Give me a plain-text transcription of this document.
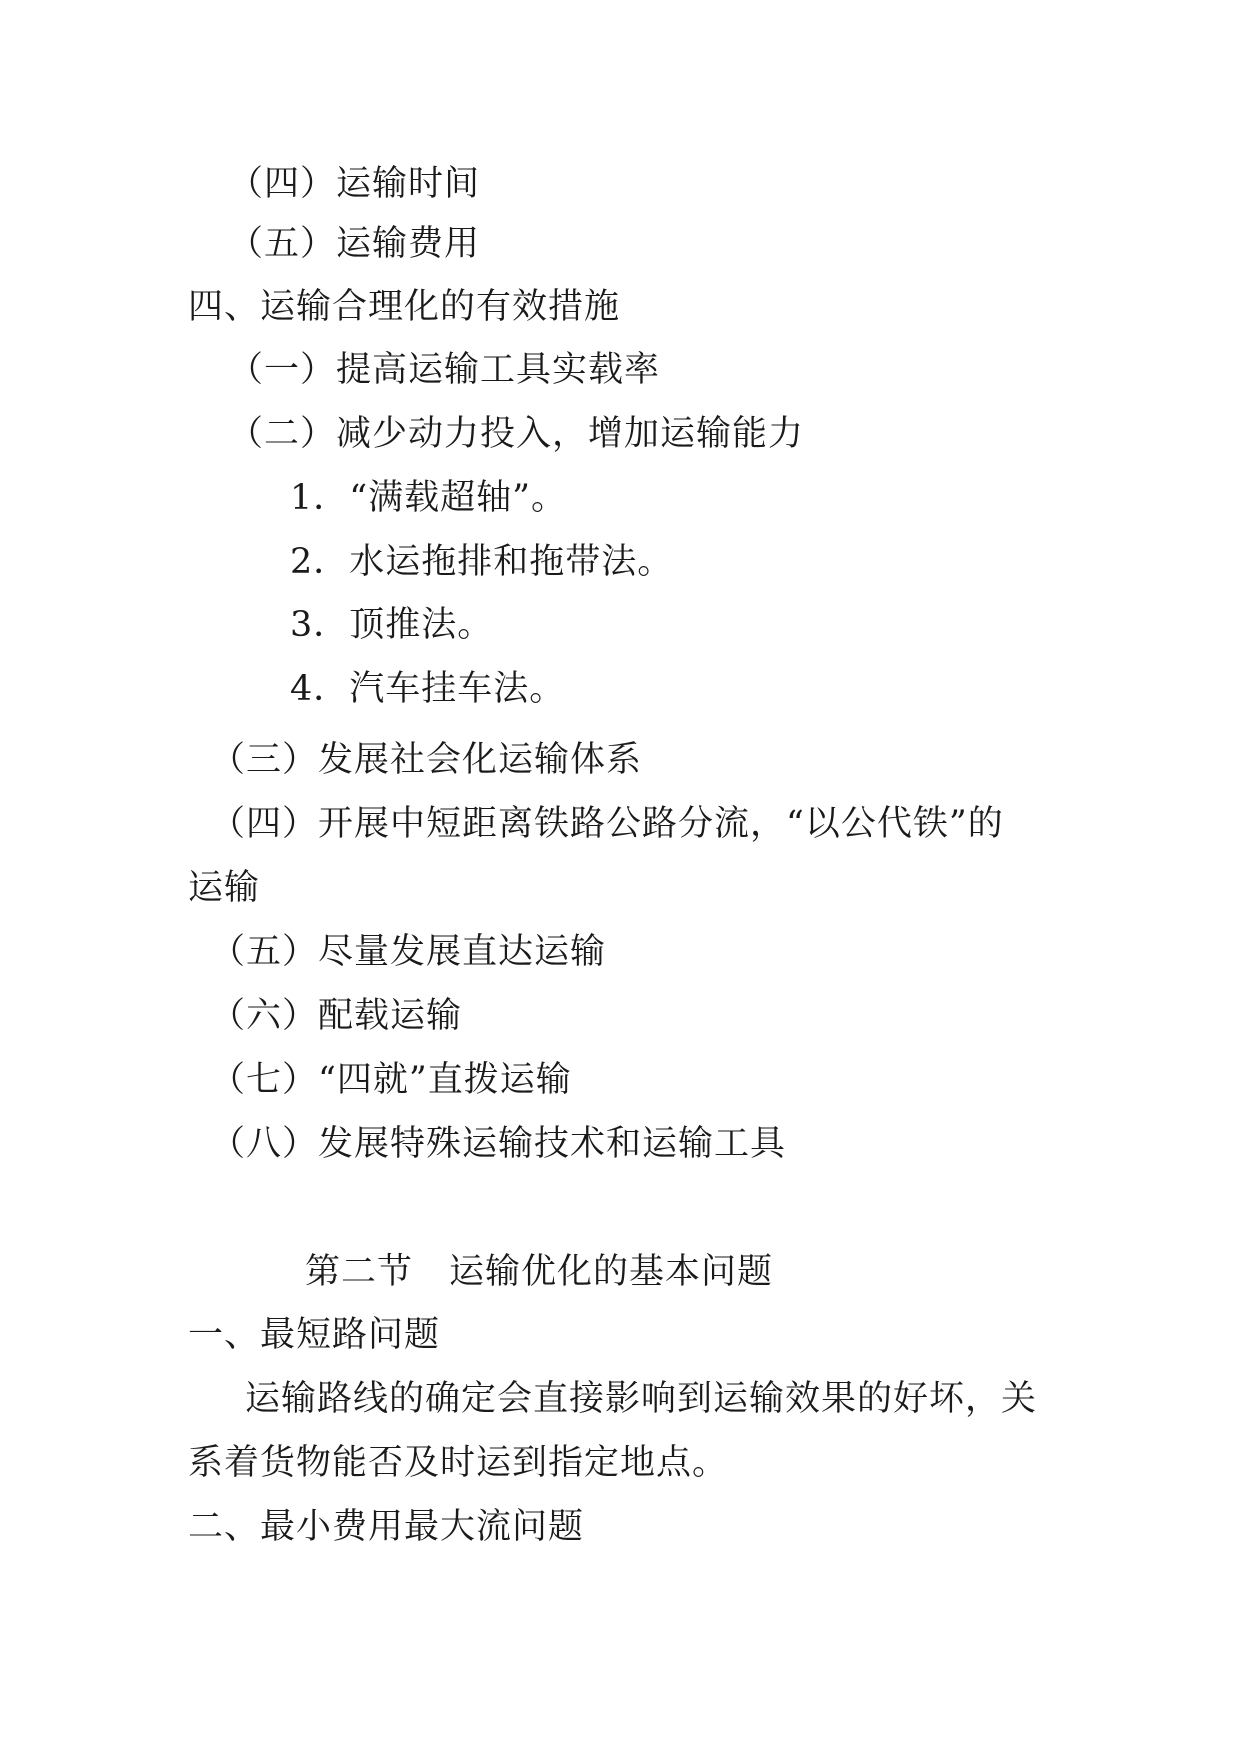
（四）运输时间
（五）运输费用
四、运输合理化的有效措施
（一）提高运输工具实载率
（二）减少动力投入，增加运输能力
1．“满载超轴”。
2．水运拖排和拖带法。
3．顶推法。
4．汽车挂车法。
（三）发展社会化运输体系
（四）开展中短距离铁路公路分流，“以公代铁”的
运输
（五）尽量发展直达运输
（六）配载运输
（七）“四就”直拨运输
（八）发展特殊运输技术和运输工具
第二节　运输优化的基本问题
一、最短路问题
运输路线的确定会直接影响到运输效果的好坏，关
系着货物能否及时运到指定地点。
二、最小费用最大流问题
